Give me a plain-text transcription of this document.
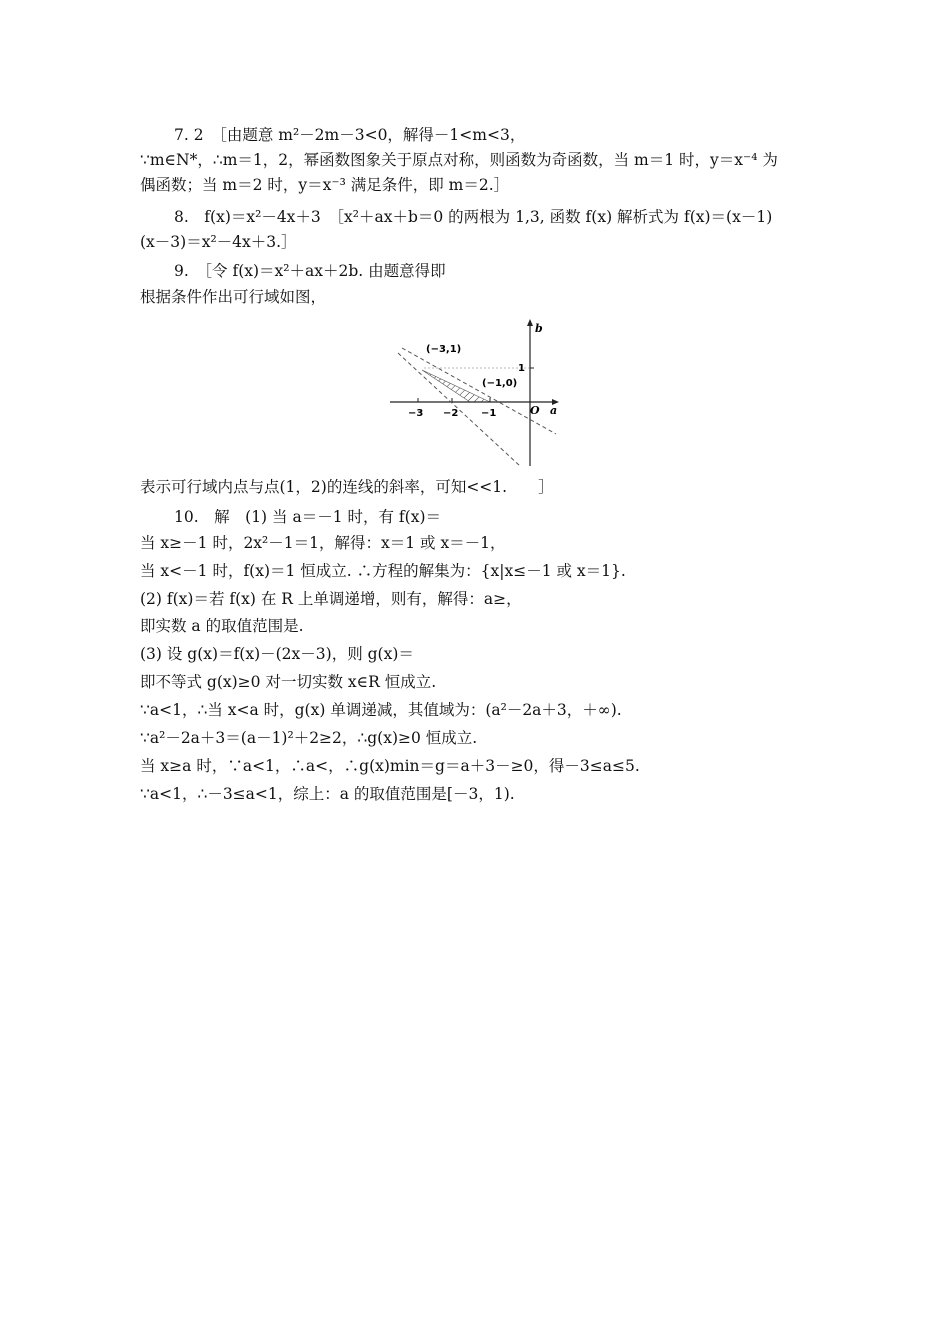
7. 2　［由题意 m²－2m－3<0，解得－1<m<3，
∵m∈N*，∴m＝1，2，幂函数图象关于原点对称，则函数为奇函数，当 m＝1 时，y＝x⁻⁴ 为
偶函数；当 m＝2 时，y＝x⁻³ 满足条件，即 m＝2.］
8.　f(x)＝x²－4x＋3　［x²＋ax＋b＝0 的两根为 1,3, 函数 f(x) 解析式为 f(x)＝(x－1)
(x－3)＝x²－4x＋3.］
9.　［令 f(x)＝x²＋ax＋2b. 由题意得即
根据条件作出可行域如图，
(−3,1)
(−1,0)
−3 −2 −1	O
1
a
b
表示可行域内点与点(1，2)的连线的斜率，可知<<1.　　］
10.　解　(1) 当 a＝－1 时，有 f(x)＝
当 x≥－1 时，2x²－1＝1，解得：x＝1 或 x＝－1，
当 x<－1 时，f(x)＝1 恒成立. ∴方程的解集为：{x|x≤－1 或 x＝1}.
(2) f(x)＝若 f(x) 在 R 上单调递增，则有，解得：a≥，
即实数 a 的取值范围是.
(3) 设 g(x)＝f(x)－(2x－3)，则 g(x)＝
即不等式 g(x)≥0 对一切实数 x∈R 恒成立.
∵a<1，∴当 x<a 时，g(x) 单调递减，其值域为：(a²－2a＋3，＋∞).
∵a²－2a＋3＝(a－1)²＋2≥2，∴g(x)≥0 恒成立.
当 x≥a 时，∵a<1，∴a<，∴g(x)min＝g＝a＋3－≥0，得－3≤a≤5.
∵a<1，∴－3≤a<1，综上：a 的取值范围是[－3，1).
